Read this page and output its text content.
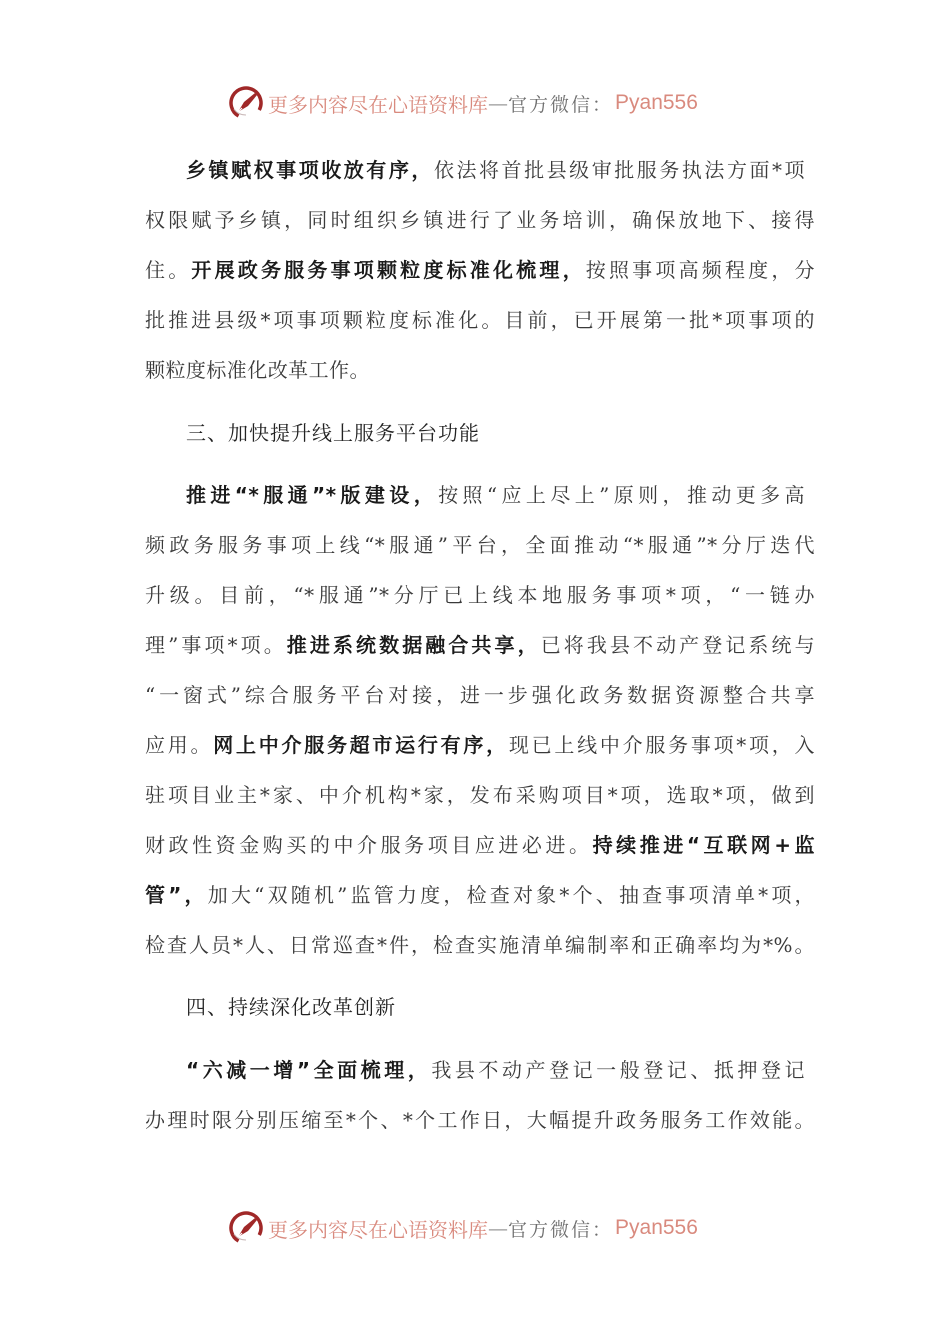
更多内容尽在心语资料库 — 官方微信： Pyan556
乡镇赋权事项收放有序，依法将首批县级审批服务执法方面*项
权限赋予乡镇，同时组织乡镇进行了业务培训，确保放地下、接得
住。开展政务服务事项颗粒度标准化梳理，按照事项高频程度，分
批推进县级*项事项颗粒度标准化。目前，已开展第一批*项事项的
颗粒度标准化改革工作。
三、加快提升线上服务平台功能
推进“*服通”*版建设，按照“应上尽上”原则，推动更多高
频政务服务事项上线“*服通”平台，全面推动“*服通”*分厅迭代
升级。目前，“*服通”*分厅已上线本地服务事项*项，“一链办
理”事项*项。推进系统数据融合共享，已将我县不动产登记系统与
“一窗式”综合服务平台对接，进一步强化政务数据资源整合共享
应用。网上中介服务超市运行有序，现已上线中介服务事项*项，入
驻项目业主*家、中介机构*家，发布采购项目*项，选取*项，做到
财政性资金购买的中介服务项目应进必进。持续推进“互联网+监
管”，加大“双随机”监管力度，检查对象*个、抽查事项清单*项，
检查人员*人、日常巡查*件，检查实施清单编制率和正确率均为*%。
四、持续深化改革创新
“六减一增”全面梳理，我县不动产登记一般登记、抵押登记
办理时限分别压缩至*个、*个工作日，大幅提升政务服务工作效能。
更多内容尽在心语资料库 — 官方微信： Pyan556
